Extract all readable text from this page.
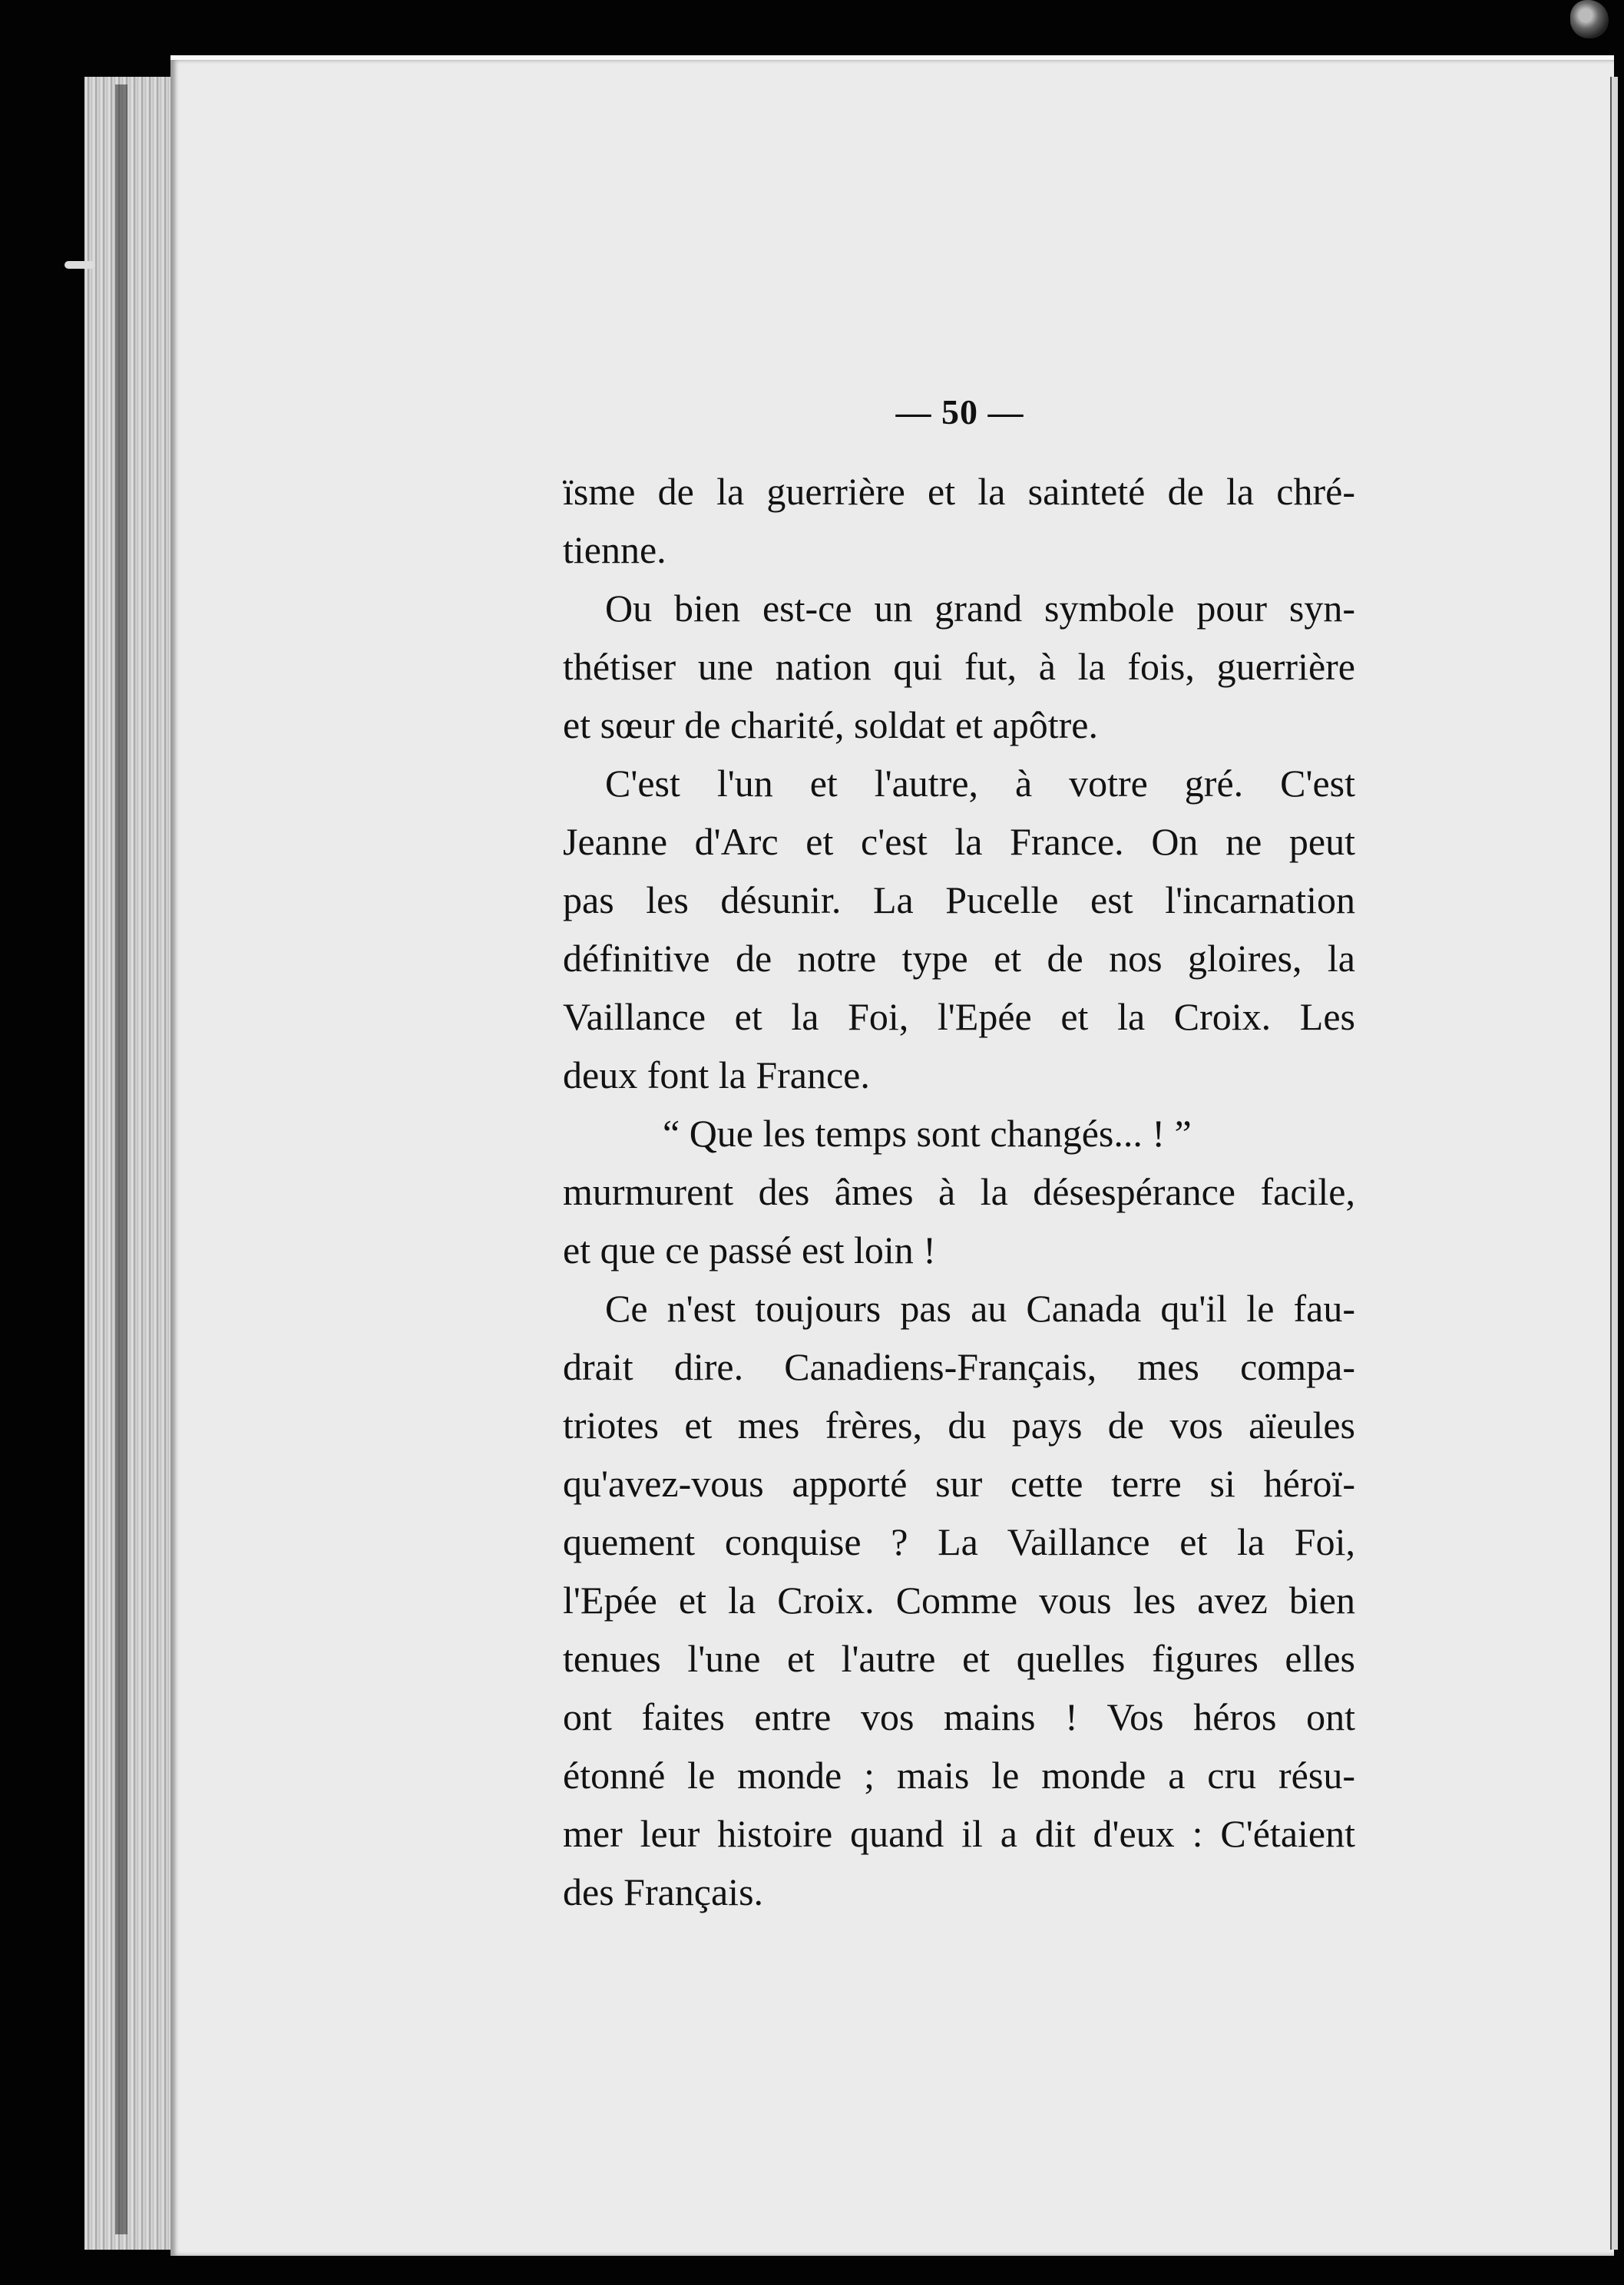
— 50 —
ïsme de la guerrière et la sainteté de la chré-
tienne.
Ou bien est-ce un grand symbole pour syn-
thétiser une nation qui fut, à la fois, guerrière
et sœur de charité, soldat et apôtre.
C'est l'un et l'autre, à votre gré. C'est
Jeanne d'Arc et c'est la France. On ne peut
pas les désunir. La Pucelle est l'incarnation
définitive de notre type et de nos gloires, la
Vaillance et la Foi, l'Epée et la Croix. Les
deux font la France.
“ Que les temps sont changés... ! ”
murmurent des âmes à la désespérance facile,
et que ce passé est loin !
Ce n'est toujours pas au Canada qu'il le fau-
drait dire. Canadiens-Français, mes compa-
triotes et mes frères, du pays de vos aïeules
qu'avez-vous apporté sur cette terre si héroï-
quement conquise ? La Vaillance et la Foi,
l'Epée et la Croix. Comme vous les avez bien
tenues l'une et l'autre et quelles figures elles
ont faites entre vos mains ! Vos héros ont
étonné le monde ; mais le monde a cru résu-
mer leur histoire quand il a dit d'eux : C'étaient
des Français.
